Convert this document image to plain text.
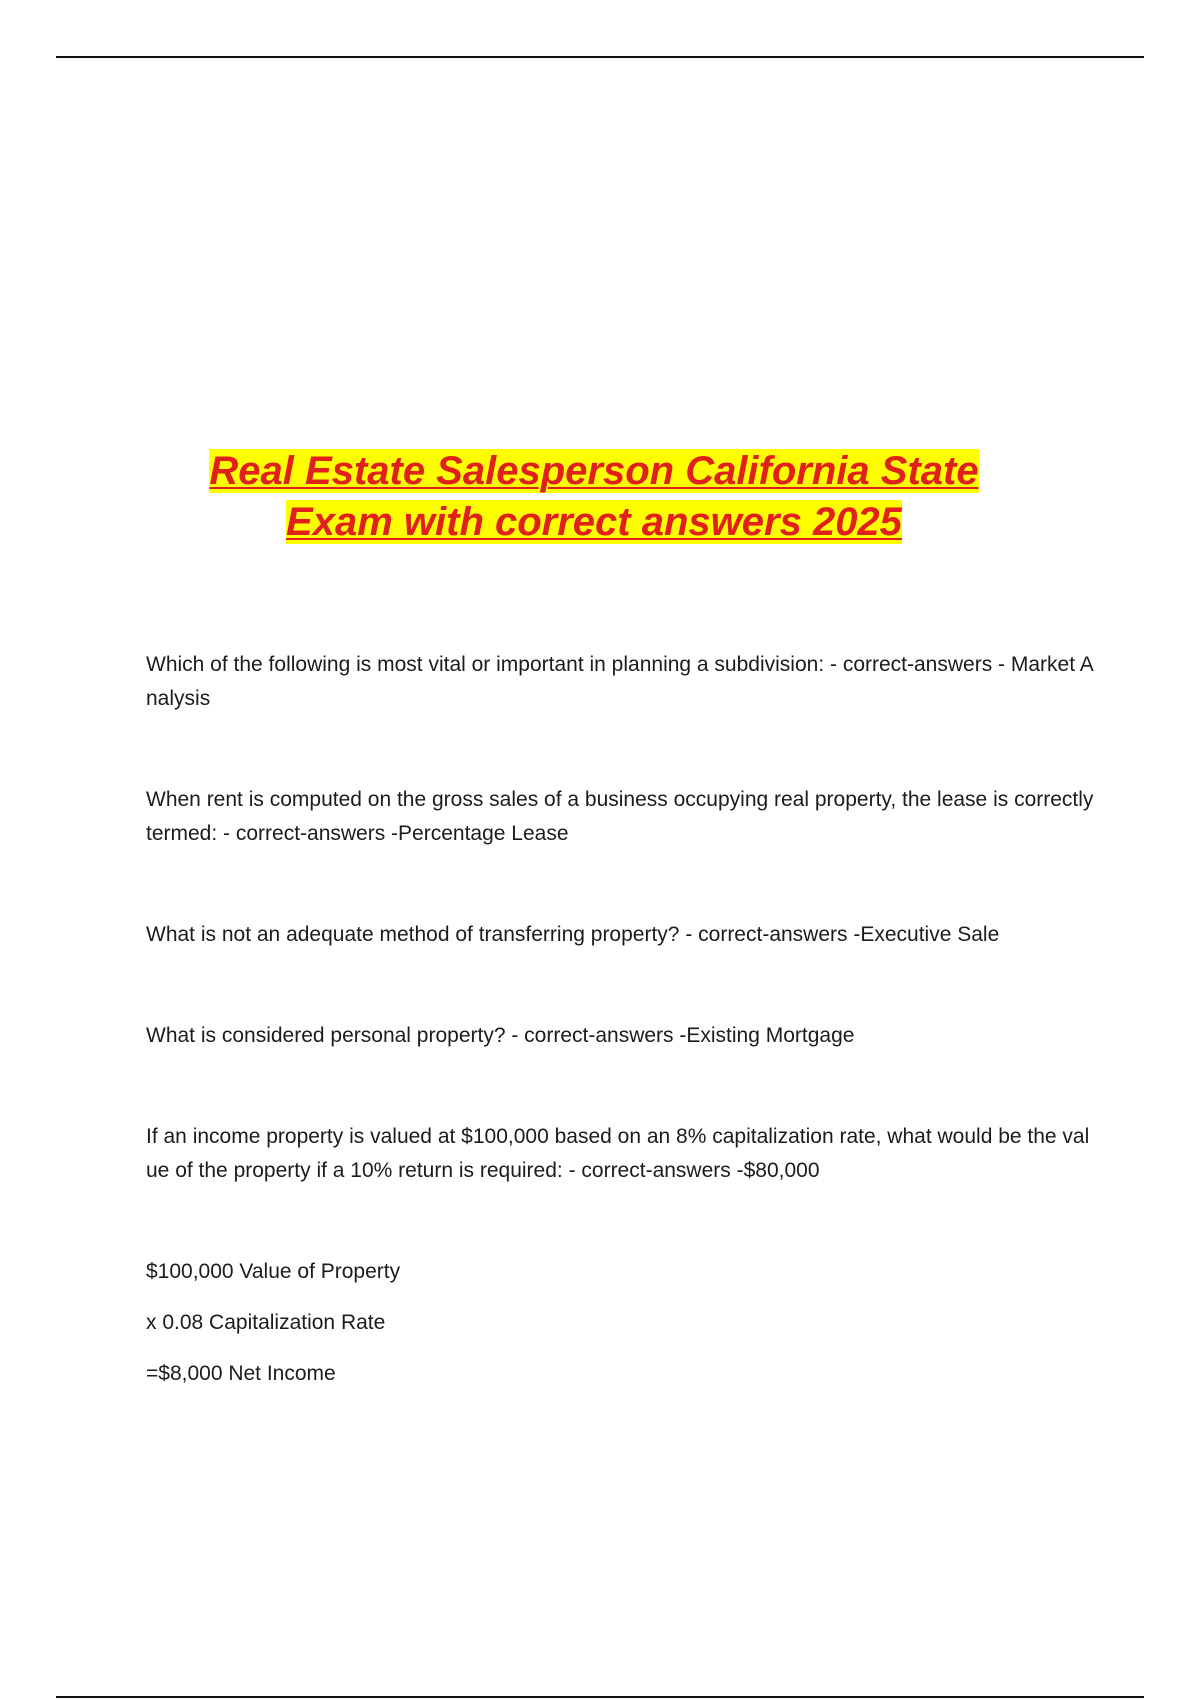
Real Estate Salesperson California State
Exam with correct answers 2025

Which of the following is most vital or important in planning a subdivision: - correct-answers - Market Analysis

When rent is computed on the gross sales of a business occupying real property, the lease is correctly termed: - correct-answers -Percentage Lease

What is not an adequate method of transferring property? - correct-answers -Executive Sale

What is considered personal property? - correct-answers -Existing Mortgage

If an income property is valued at $100,000 based on an 8% capitalization rate, what would be the value of the property if a 10% return is required: - correct-answers -$80,000

$100,000 Value of Property

x 0.08 Capitalization Rate

=$8,000 Net Income
